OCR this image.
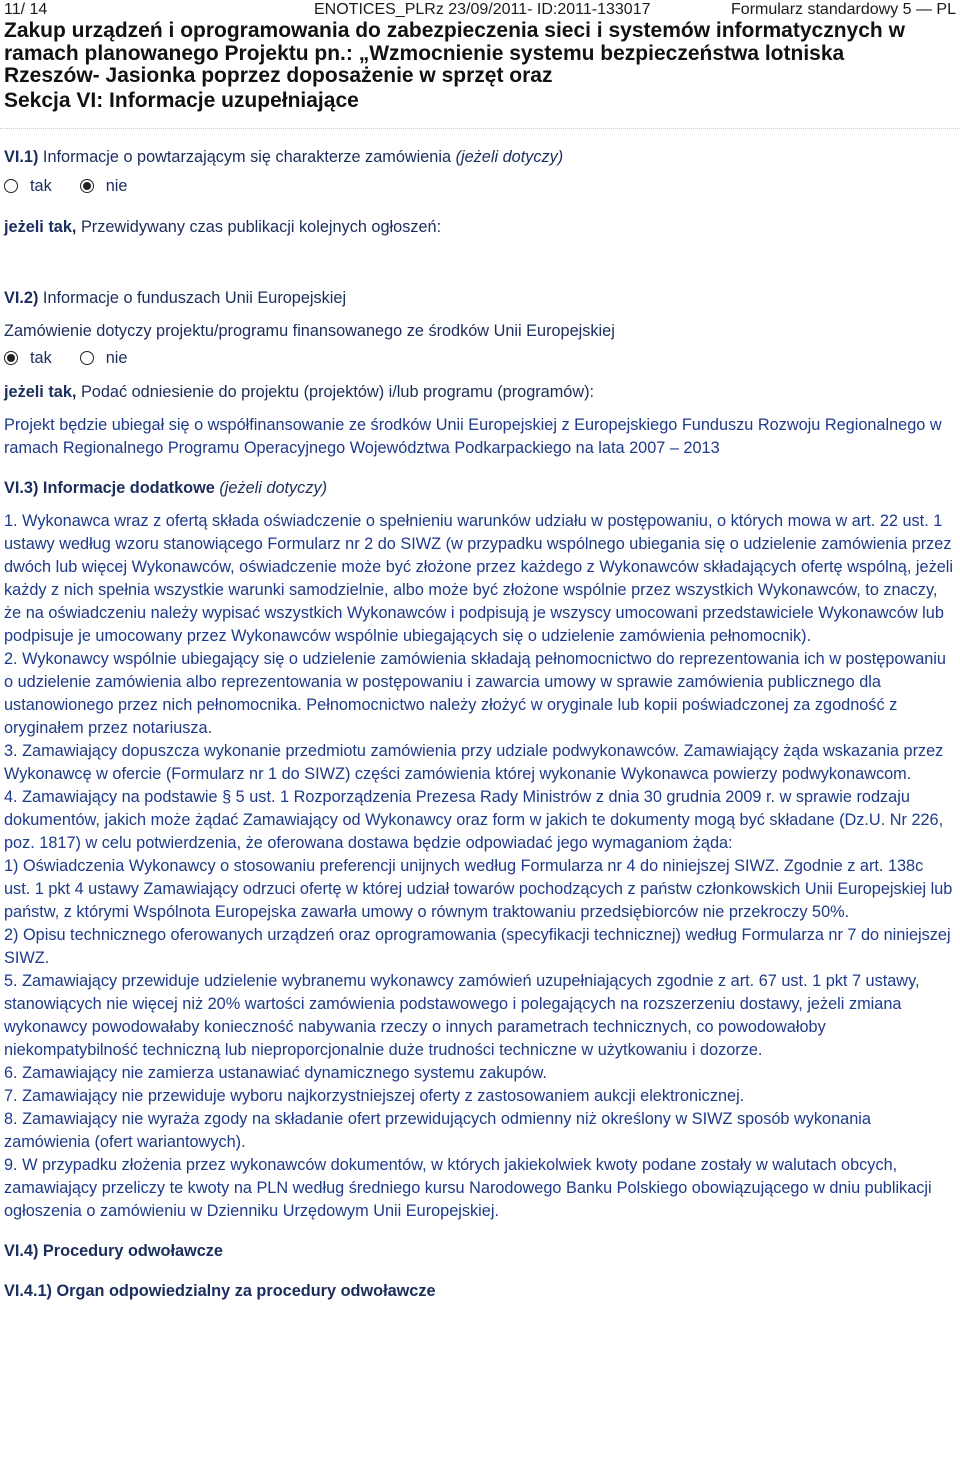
11/ 14	ENOTICES_PLRz 23/09/2011- ID:2011-133017	Formularz standardowy 5 — PL
Zakup urządzeń i oprogramowania do zabezpieczenia sieci i systemów informatycznych w ramach planowanego Projektu pn.: „Wzmocnienie systemu bezpieczeństwa lotniska Rzeszów- Jasionka poprzez doposażenie w sprzęt oraz
Sekcja VI: Informacje uzupełniające

VI.1) Informacje o powtarzającym się charakterze zamówienia (jeżeli dotyczy)

tak	nie

jeżeli tak, Przewidywany czas publikacji kolejnych ogłoszeń:

VI.2) Informacje o funduszach Unii Europejskiej

Zamówienie dotyczy projektu/programu finansowanego ze środków Unii Europejskiej

tak	nie

jeżeli tak, Podać odniesienie do projektu (projektów) i/lub programu (programów):

Projekt będzie ubiegał się o współfinansowanie ze środków Unii Europejskiej z Europejskiego Funduszu Rozwoju Regionalnego w ramach Regionalnego Programu Operacyjnego Województwa Podkarpackiego na lata 2007 – 2013

VI.3) Informacje dodatkowe (jeżeli dotyczy)

1. Wykonawca wraz z ofertą składa oświadczenie o spełnieniu warunków udziału w postępowaniu, o których mowa w art. 22 ust. 1 ustawy według wzoru stanowiącego Formularz nr 2 do SIWZ (w przypadku wspólnego ubiegania się o udzielenie zamówienia przez dwóch lub więcej Wykonawców, oświadczenie może być złożone przez każdego z Wykonawców składających ofertę wspólną, jeżeli każdy z nich spełnia wszystkie warunki samodzielnie, albo może być złożone wspólnie przez wszystkich Wykonawców, to znaczy, że na oświadczeniu należy wypisać wszystkich Wykonawców i podpisują je wszyscy umocowani przedstawiciele Wykonawców lub podpisuje je umocowany przez Wykonawców wspólnie ubiegających się o udzielenie zamówienia pełnomocnik).

2. Wykonawcy wspólnie ubiegający się o udzielenie zamówienia składają pełnomocnictwo do reprezentowania ich w postępowaniu o udzielenie zamówienia albo reprezentowania w postępowaniu i zawarcia umowy w sprawie zamówienia publicznego dla ustanowionego przez nich pełnomocnika. Pełnomocnictwo należy złożyć w oryginale lub kopii poświadczonej za zgodność z oryginałem przez notariusza.

3. Zamawiający dopuszcza wykonanie przedmiotu zamówienia przy udziale podwykonawców. Zamawiający żąda wskazania przez Wykonawcę w ofercie (Formularz nr 1 do SIWZ) części zamówienia której wykonanie Wykonawca powierzy podwykonawcom.

4. Zamawiający na podstawie § 5 ust. 1 Rozporządzenia Prezesa Rady Ministrów z dnia 30 grudnia 2009 r. w sprawie rodzaju dokumentów, jakich może żądać Zamawiający od Wykonawcy oraz form w jakich te dokumenty mogą być składane (Dz.U. Nr 226, poz. 1817) w celu potwierdzenia, że oferowana dostawa będzie odpowiadać jego wymaganiom żąda:

1) Oświadczenia Wykonawcy o stosowaniu preferencji unijnych według Formularza nr 4 do niniejszej SIWZ. Zgodnie z art. 138c ust. 1 pkt 4 ustawy Zamawiający odrzuci ofertę w której udział towarów pochodzących z państw członkowskich Unii Europejskiej lub państw, z którymi Wspólnota Europejska zawarła umowy o równym traktowaniu przedsiębiorców nie przekroczy 50%.

2) Opisu technicznego oferowanych urządzeń oraz oprogramowania (specyfikacji technicznej) według Formularza nr 7 do niniejszej SIWZ.

5. Zamawiający przewiduje udzielenie wybranemu wykonawcy zamówień uzupełniających zgodnie z art. 67 ust. 1 pkt 7 ustawy, stanowiących nie więcej niż 20% wartości zamówienia podstawowego i polegających na rozszerzeniu dostawy, jeżeli zmiana wykonawcy powodowałaby konieczność nabywania rzeczy o innych parametrach technicznych, co powodowałoby niekompatybilność techniczną lub nieproporcjonalnie duże trudności techniczne w użytkowaniu i dozorze.

6. Zamawiający nie zamierza ustanawiać dynamicznego systemu zakupów.

7. Zamawiający nie przewiduje wyboru najkorzystniejszej oferty z zastosowaniem aukcji elektronicznej.

8. Zamawiający nie wyraża zgody na składanie ofert przewidujących odmienny niż określony w SIWZ sposób wykonania zamówienia (ofert wariantowych).

9. W przypadku złożenia przez wykonawców dokumentów, w których jakiekolwiek kwoty podane zostały w walutach obcych, zamawiający przeliczy te kwoty na PLN według średniego kursu Narodowego Banku Polskiego obowiązującego w dniu publikacji ogłoszenia o zamówieniu w Dzienniku Urzędowym Unii Europejskiej.

VI.4) Procedury odwoławcze

VI.4.1) Organ odpowiedzialny za procedury odwoławcze
